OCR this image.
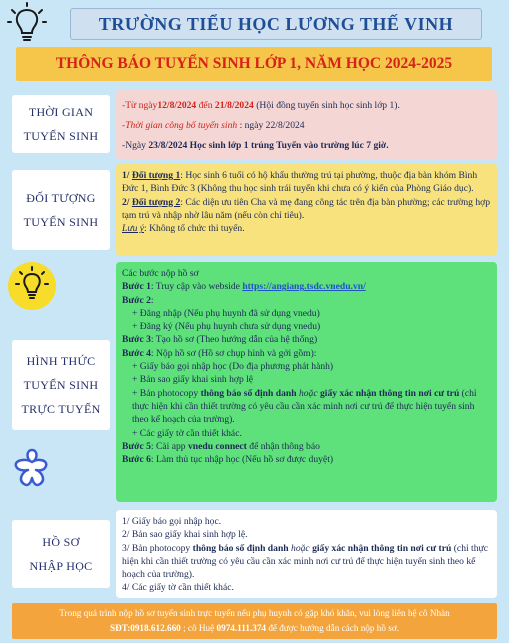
TRƯỜNG TIỂU HỌC LƯƠNG THẾ VINH
THÔNG BÁO TUYỂN SINH LỚP 1, NĂM HỌC 2024-2025
THỜI GIAN
TUYỂN SINH

-Từ ngày12/8/2024 đến 21/8/2024 (Hội đồng tuyển sinh học sinh lớp 1).

-Thời gian công bố tuyển sinh : ngày 22/8/2024

-Ngày 23/8/2024 Học sinh lớp 1 trúng Tuyển vào trường lúc 7 giờ.

ĐỐI TƯỢNG
TUYỂN SINH

1/ Đối tượng 1: Học sinh 6 tuổi có hộ khẩu thường trú tại phường, thuộc địa bàn khóm Bình Đức 1, Bình Đức 3 (Không thu học sinh trái tuyến khi chưa có ý kiến của Phòng Giáo dục).

2/ Đối tượng 2: Các diện ưu tiên Cha và mẹ đang công tác trên địa bàn phường; các trường hợp tạm trú và nhập nhờ lâu năm (nếu còn chỉ tiêu).

Lưu ý: Không tổ chức thi tuyển.

HÌNH THỨC
TUYỂN SINH
TRỰC TUYẾN

Các bước nộp hồ sơ

Bước 1: Truy cập vào webside https://angiang.tsdc.vnedu.vn/

Bước 2:

+ Đăng nhập (Nếu phụ huynh đã sử dụng vnedu)

+ Đăng ký (Nếu phụ huynh chưa sử dụng vnedu)

Bước 3: Tạo hồ sơ (Theo hướng dẫn của hệ thống)

Bước 4: Nộp hồ sơ (Hồ sơ chụp hình và gởi gồm):

+ Giấy báo gọi nhập học (Do địa phương phát hành)

+ Bản sao giấy khai sinh hợp lệ

+ Bản photocopy thông báo số định danh hoặc giấy xác nhận thông tin nơi cư trú (chỉ thực hiện khi cần thiết trường có yêu cầu cần xác minh nơi cư trú để thực hiện tuyển sinh theo kế hoạch của trường).

+ Các giấy tờ cần thiết khác.

Bước 5: Cài app vnedu connect để nhận thông báo

Bước 6: Làm thủ tục nhập học (Nếu hồ sơ được duyệt)

HỒ SƠ
NHẬP HỌC

1/ Giấy báo gọi nhập học.

2/ Bản sao giấy khai sinh hợp lệ.

3/ Bản photocopy thông báo số định danh hoặc giấy xác nhận thông tin nơi cư trú (chỉ thực hiện khi cần thiết trường có yêu cầu cần xác minh nơi cư trú để thực hiện tuyển sinh theo kế hoạch của trường).

4/ Các giấy tờ cần thiết khác.

Trong quá trình nộp hồ sơ tuyển sinh trực tuyến nếu phụ huynh có gặp khó khăn, vui lòng liên hệ cô Nhàn
SĐT:0918.612.660 ; cô Huệ 0974.111.374 để được hướng dẫn cách nộp hồ sơ.
